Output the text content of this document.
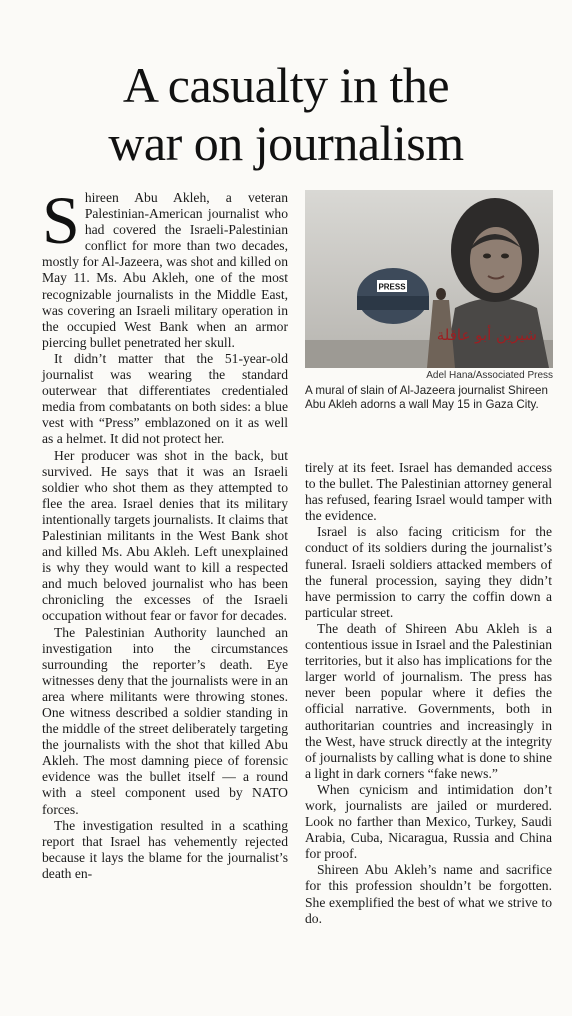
A casualty in the
war on journalism

Shireen Abu Akleh, a veteran Palestinian-American journalist who had covered the Israeli-Palestinian conflict for more than two decades, mostly for Al-Jazeera, was shot and killed on May 11. Ms. Abu Akleh, one of the most recognizable journalists in the Middle East, was covering an Israeli military operation in the occupied West Bank when an armor piercing bullet penetrated her skull.

It didn’t matter that the 51-year-old journalist was wearing the standard outerwear that differentiates credentialed media from combatants on both sides: a blue vest with “Press” emblazoned on it as well as a helmet. It did not protect her.

Her producer was shot in the back, but survived. He says that it was an Israeli soldier who shot them as they attempted to flee the area. Israel denies that its military intentionally targets journalists. It claims that Palestinian militants in the West Bank shot and killed Ms. Abu Akleh. Left unexplained is why they would want to kill a respected and much beloved journalist who has been chronicling the excesses of the Israeli occupation without fear or favor for decades.

The Palestinian Authority launched an investigation into the circumstances surrounding the reporter’s death. Eye witnesses deny that the journalists were in an area where militants were throwing stones. One witness described a soldier standing in the middle of the street deliberately targeting the journalists with the shot that killed Abu Akleh. The most damning piece of forensic evidence was the bullet itself — a round with a steel component used by NATO forces.

The investigation resulted in a scathing report that Israel has vehemently rejected because it lays the blame for the journalist’s death en-

PRESS
شيرين أبو عاقلة
Adel Hana/Associated Press
A mural of slain of Al-Jazeera journalist Shireen Abu Akleh adorns a wall May 15 in Gaza City.

tirely at its feet. Israel has demanded access to the bullet. The Palestinian attorney general has refused, fearing Israel would tamper with the evidence.

Israel is also facing criticism for the conduct of its soldiers during the journalist’s funeral. Israeli soldiers attacked members of the funeral procession, saying they didn’t have permission to carry the coffin down a particular street.

The death of Shireen Abu Akleh is a contentious issue in Israel and the Palestinian territories, but it also has implications for the larger world of journalism. The press has never been popular where it defies the official narrative. Governments, both in authoritarian countries and increasingly in the West, have struck directly at the integrity of journalists by calling what is done to shine a light in dark corners “fake news.”

When cynicism and intimidation don’t work, journalists are jailed or murdered. Look no farther than Mexico, Turkey, Saudi Arabia, Cuba, Nicaragua, Russia and China for proof.

Shireen Abu Akleh’s name and sacrifice for this profession shouldn’t be forgotten. She exemplified the best of what we strive to do.
